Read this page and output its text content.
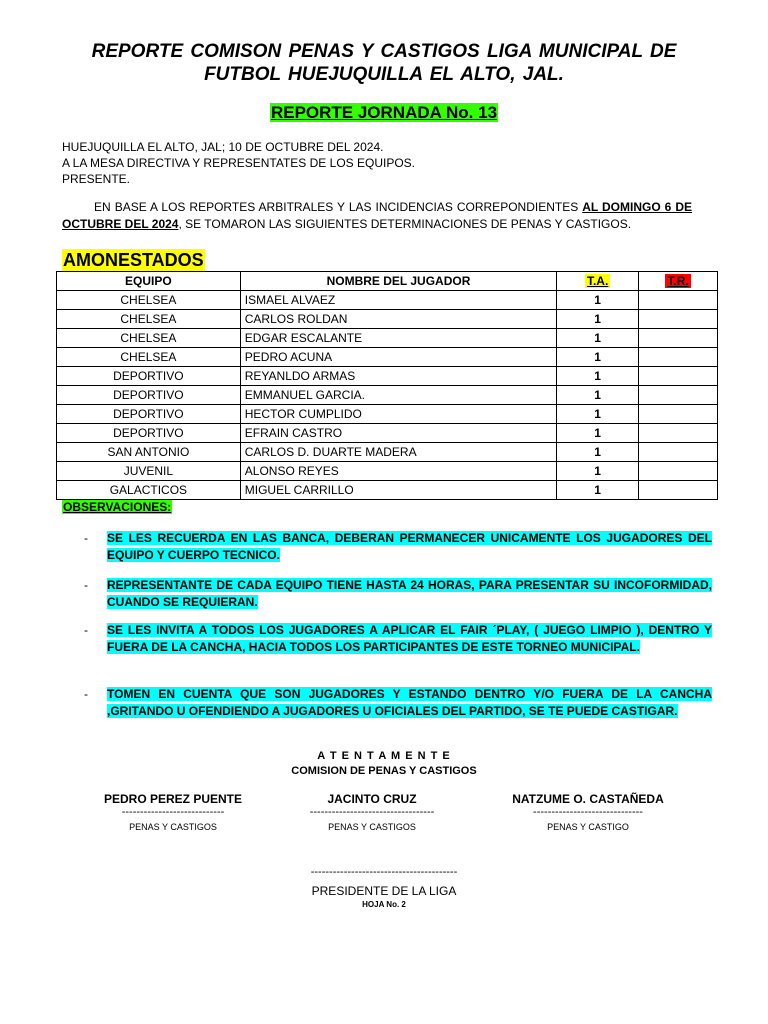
REPORTE COMISON PENAS Y CASTIGOS LIGA MUNICIPAL DE FUTBOL HUEJUQUILLA EL ALTO, JAL.
REPORTE JORNADA No. 13
HUEJUQUILLA EL ALTO, JAL; 10 DE OCTUBRE DEL 2024.
A LA MESA DIRECTIVA Y REPRESENTATES DE LOS EQUIPOS.
PRESENTE.
EN BASE A LOS REPORTES ARBITRALES Y LAS INCIDENCIAS CORREPONDIENTES AL DOMINGO 6 DE OCTUBRE DEL 2024, SE TOMARON LAS SIGUIENTES DETERMINACIONES DE PENAS Y CASTIGOS.
AMONESTADOS
EQUIPO	NOMBRE DEL JUGADOR	T.A.	T.R.
CHELSEA	ISMAEL ALVAEZ	1	
CHELSEA	CARLOS ROLDAN	1	
CHELSEA	EDGAR ESCALANTE	1	
CHELSEA	PEDRO ACUNA	1	
DEPORTIVO	REYANLDO ARMAS	1	
DEPORTIVO	EMMANUEL GARCIA.	1	
DEPORTIVO	HECTOR CUMPLIDO	1	
DEPORTIVO	EFRAIN CASTRO	1	
SAN ANTONIO	CARLOS D. DUARTE MADERA	1	
JUVENIL	ALONSO REYES	1	
GALACTICOS	MIGUEL CARRILLO	1	
OBSERVACIONES:
- SE LES RECUERDA EN LAS BANCA, DEBERAN PERMANECER UNICAMENTE LOS JUGADORES DEL EQUIPO Y CUERPO TECNICO.
- REPRESENTANTE DE CADA EQUIPO TIENE HASTA 24 HORAS, PARA PRESENTAR SU INCOFORMIDAD, CUANDO SE REQUIERAN.
- SE LES INVITA A TODOS LOS JUGADORES A APLICAR EL FAIR ´PLAY, ( JUEGO LIMPIO ), DENTRO Y FUERA DE LA CANCHA, HACIA TODOS LOS PARTICIPANTES DE ESTE TORNEO MUNICIPAL.
- TOMEN EN CUENTA QUE SON JUGADORES Y ESTANDO DENTRO Y/O FUERA DE LA CANCHA ,GRITANDO U OFENDIENDO A JUGADORES U OFICIALES DEL PARTIDO, SE TE PUEDE CASTIGAR.
A T E N T A M E N T E
COMISION DE PENAS Y CASTIGOS
PEDRO PEREZ PUENTE
----------------------------
PENAS Y CASTIGOS
JACINTO CRUZ
----------------------------------
PENAS Y CASTIGOS
NATZUME O. CASTAÑEDA
------------------------------
PENAS Y CASTIGO
----------------------------------------
PRESIDENTE DE LA LIGA
HOJA No. 2
